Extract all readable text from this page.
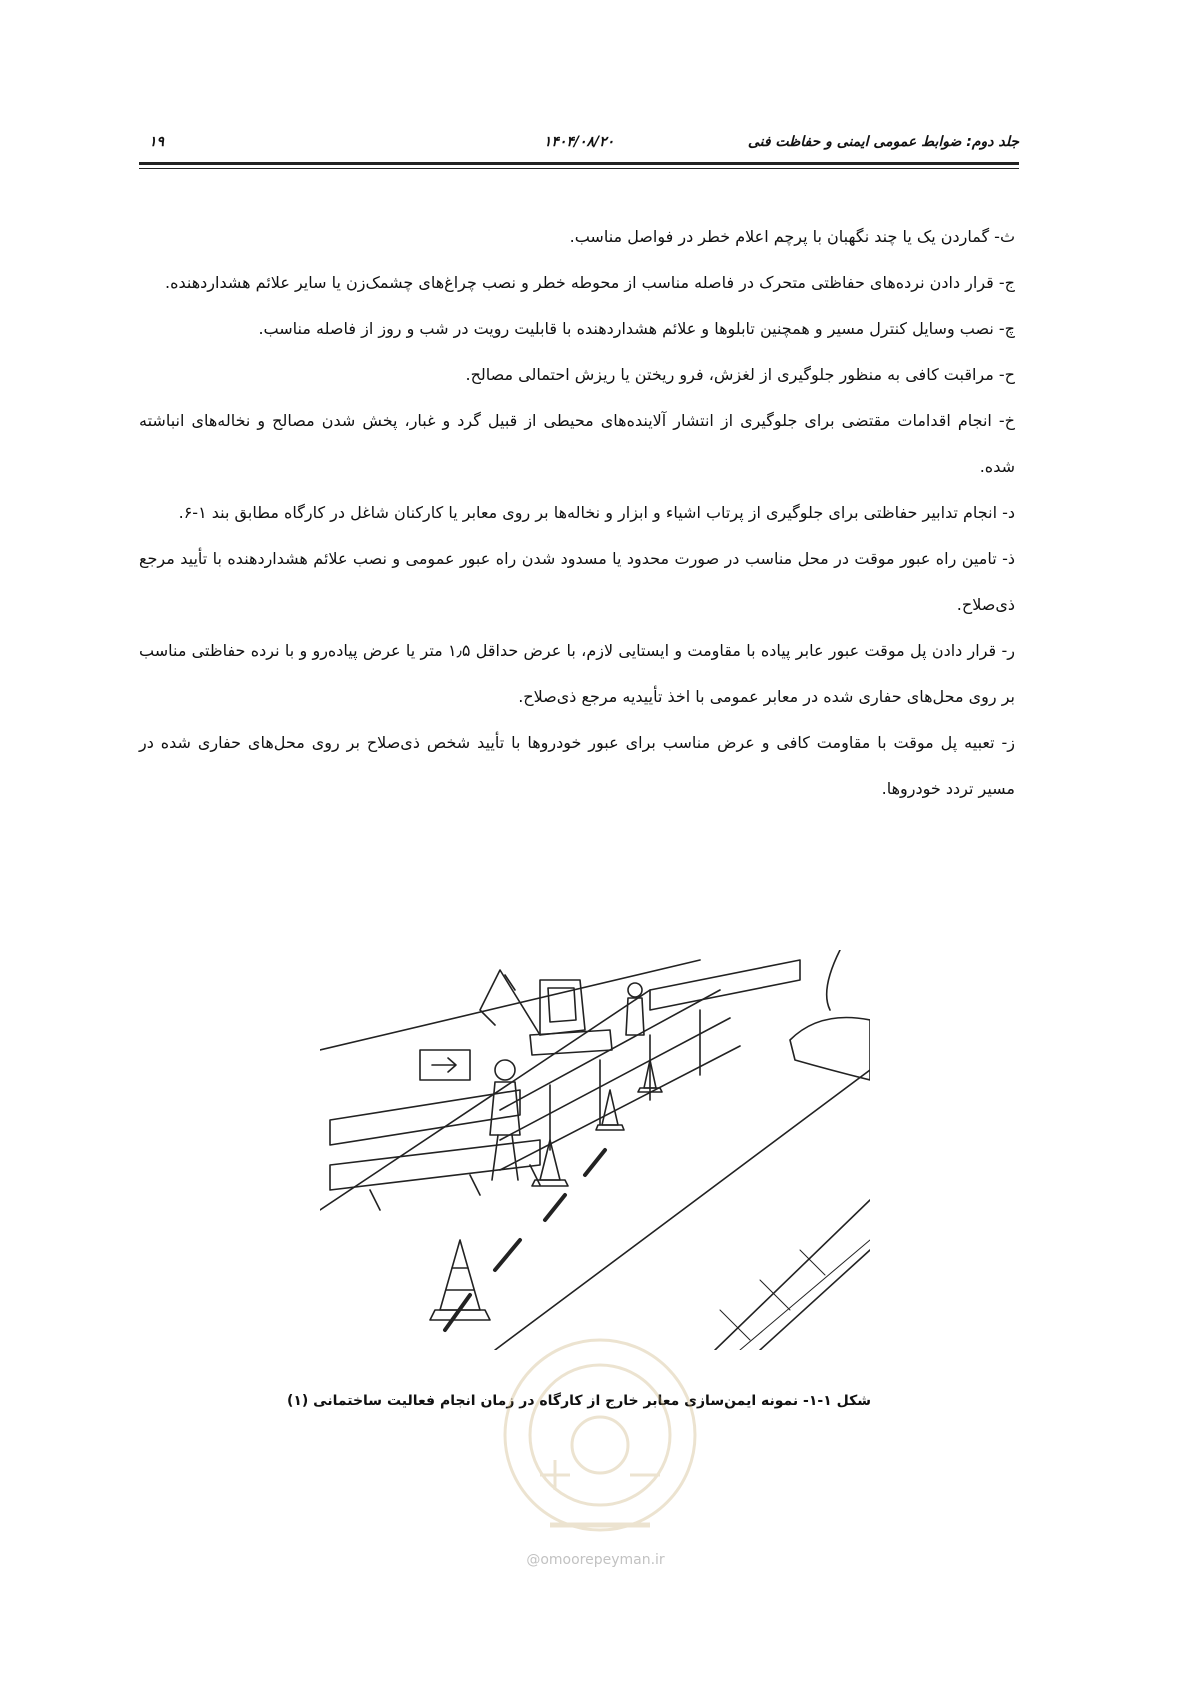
جلد دوم: ضوابط عمومی ایمنی و حفاظت فنی
۱۴۰۴/۰۸/۲۰
۱۹

ث- گماردن یک یا چند نگهبان با پرچم اعلام خطر در فواصل مناسب.

ج- قرار دادن نرده‌های حفاظتی متحرک در فاصله مناسب از محوطه خطر و نصب چراغ‌های چشمک‌زن یا سایر علائم هشداردهنده.

چ- نصب وسایل کنترل مسیر و همچنین تابلوها و علائم هشداردهنده با قابلیت رویت در شب و روز از فاصله مناسب.

ح- مراقبت کافی به منظور جلوگیری از لغزش، فرو ریختن یا ریزش احتمالی مصالح.

خ- انجام اقدامات مقتضی برای جلوگیری از انتشار آلاینده‌های محیطی از قبیل گرد و غبار، پخش شدن مصالح و نخاله‌های انباشته شده.

د- انجام تدابیر حفاظتی برای جلوگیری از پرتاب اشیاء و ابزار و نخاله‌ها بر روی معابر یا کارکنان شاغل در کارگاه مطابق بند ۱-۶.

ذ- تامین راه عبور موقت در محل مناسب در صورت محدود یا مسدود شدن راه عبور عمومی و نصب علائم هشداردهنده با تأیید مرجع ذی‌صلاح.

ر- قرار دادن پل موقت عبور عابر پیاده با مقاومت و ایستایی لازم، با عرض حداقل ۱٫۵ متر یا عرض پیاده‌رو و با نرده حفاظتی مناسب بر روی محل‌های حفاری شده در معابر عمومی با اخذ تأییدیه مرجع ذی‌صلاح.

ز- تعبیه پل موقت با مقاومت کافی و عرض مناسب برای عبور خودروها با تأیید شخص ذی‌صلاح بر روی محل‌های حفاری شده در مسیر تردد خودروها.

شکل ۱-۱- نمونه ایمن‌سازی معابر خارج از کارگاه در زمان انجام فعالیت ساختمانی (۱)
@omoorepeyman.ir
